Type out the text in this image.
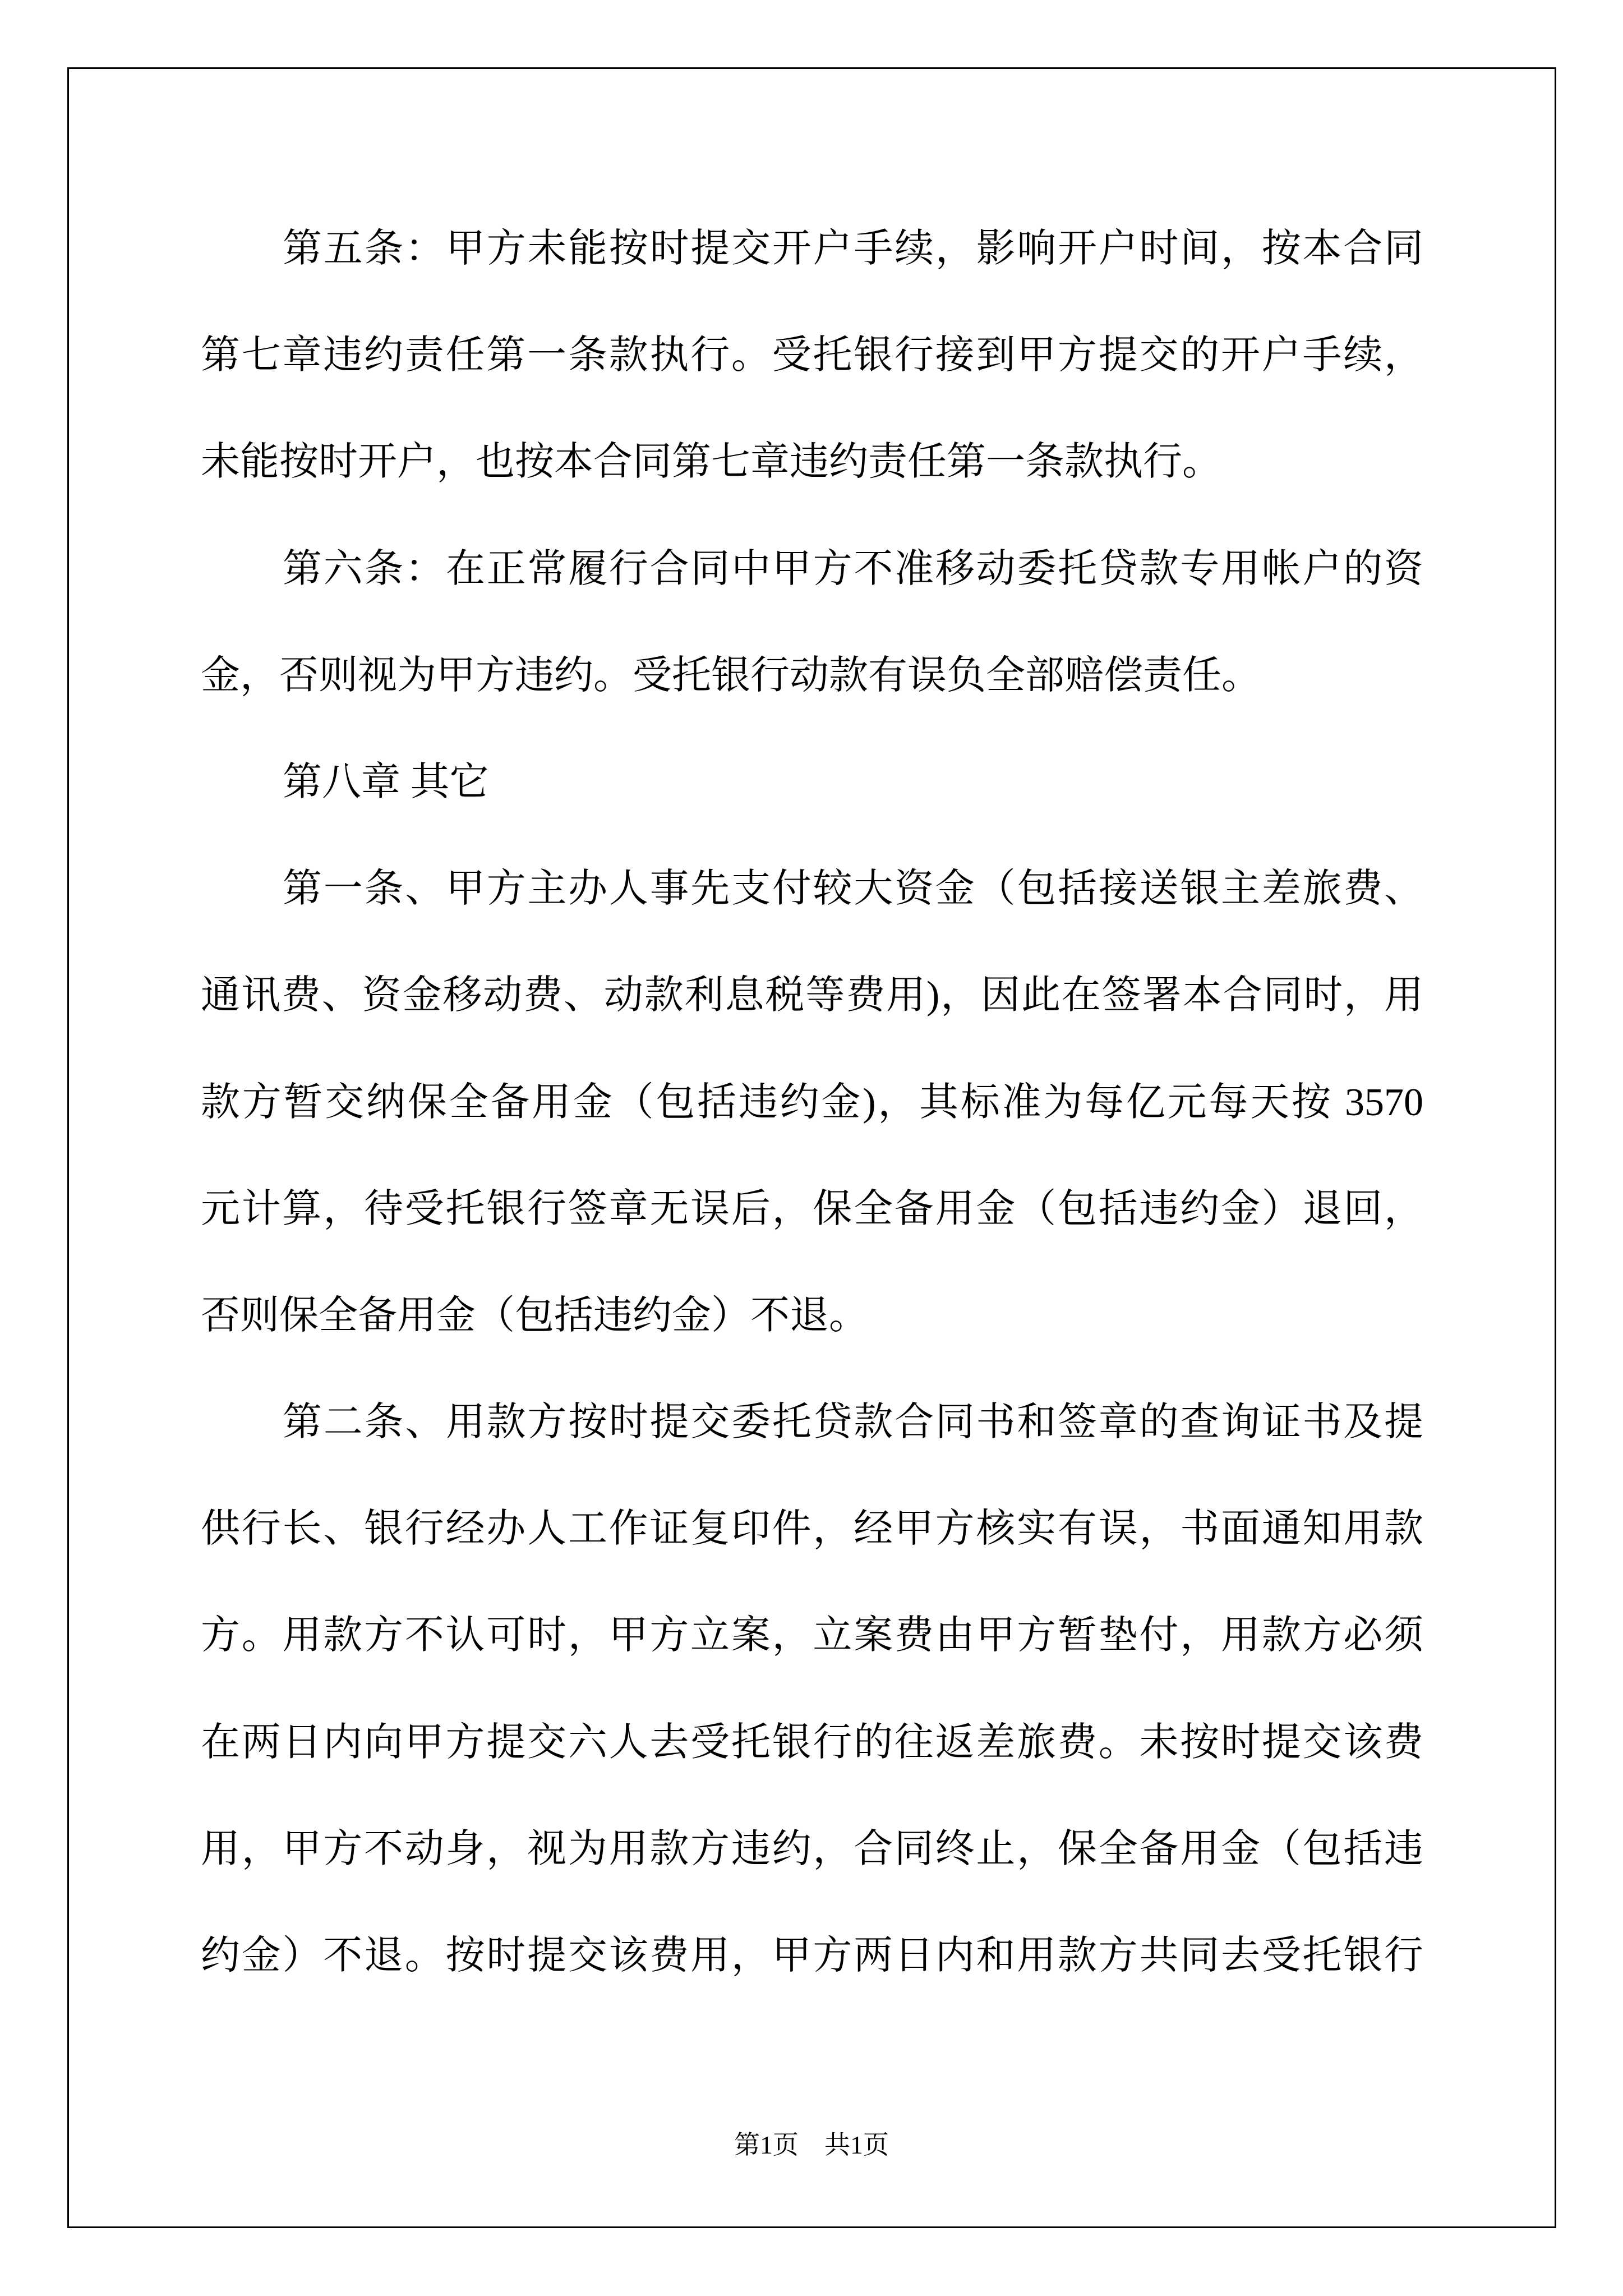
第五条：甲方未能按时提交开户手续，影响开户时间，按本合同
第七章违约责任第一条款执行。受托银行接到甲方提交的开户手续，
未能按时开户，也按本合同第七章违约责任第一条款执行。
第六条：在正常履行合同中甲方不准移动委托贷款专用帐户的资
金，否则视为甲方违约。受托银行动款有误负全部赔偿责任。
第八章 其它
第一条、甲方主办人事先支付较大资金（包括接送银主差旅费、
通讯费、资金移动费、动款利息税等费用)，因此在签署本合同时，用
款方暂交纳保全备用金（包括违约金)，其标准为每亿元每天按 3570
元计算，待受托银行签章无误后，保全备用金（包括违约金）退回，
否则保全备用金（包括违约金）不退。
第二条、用款方按时提交委托贷款合同书和签章的查询证书及提
供行长、银行经办人工作证复印件，经甲方核实有误，书面通知用款
方。用款方不认可时，甲方立案，立案费由甲方暂垫付，用款方必须
在两日内向甲方提交六人去受托银行的往返差旅费。未按时提交该费
用，甲方不动身，视为用款方违约，合同终止，保全备用金（包括违
约金）不退。按时提交该费用，甲方两日内和用款方共同去受托银行
第1页　共1页
